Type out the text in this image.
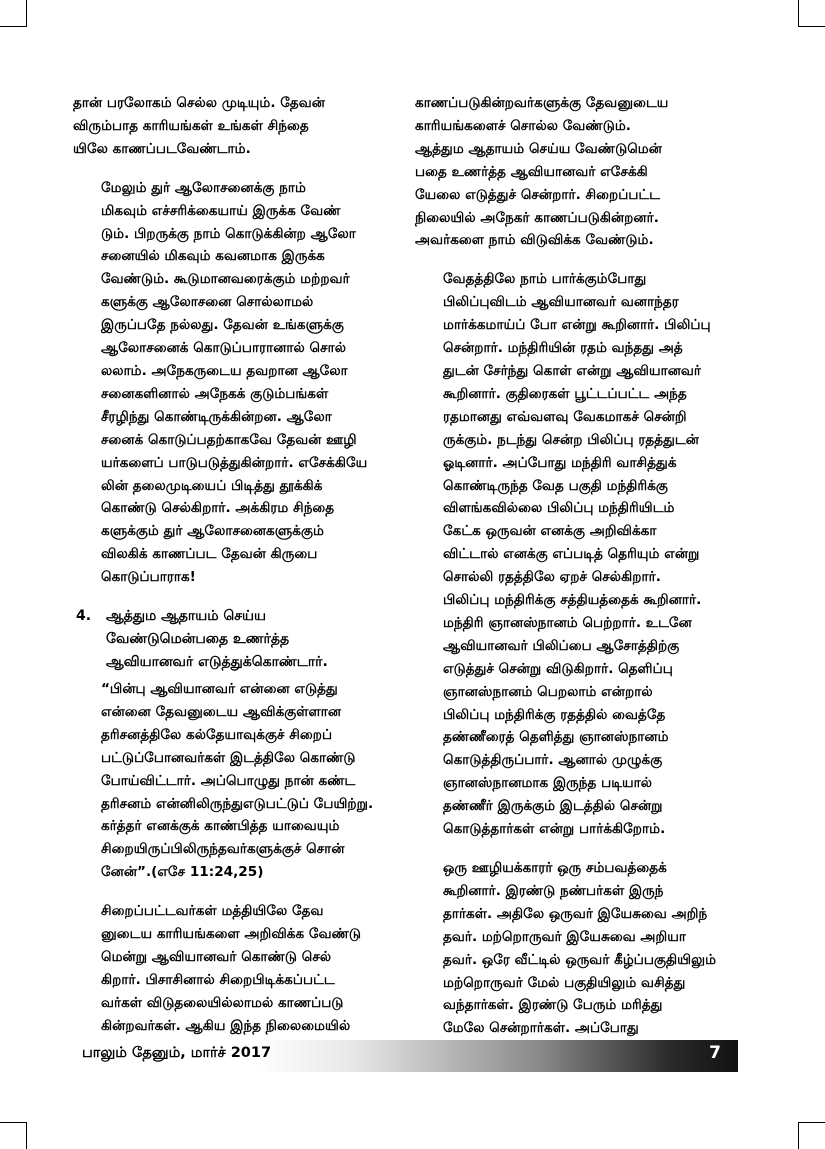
தான் பரலோகம் செல்ல முடியும். தேவன்
விரும்பாத காரியங்கள் உங்கள் சிந்தை
யிலே காணப்படவேண்டாம்.

மேலும் துர் ஆலோசனைக்கு நாம்
மிகவும் எச்சரிக்கையாய் இருக்க வேண்
டும். பிறருக்கு நாம் கொடுக்கின்ற ஆலோ
சனையில் மிகவும் கவனமாக இருக்க
வேண்டும். கூடுமானவரைக்கும் மற்றவர்
களுக்கு ஆலோசனை சொல்லாமல்
இருப்பதே நல்லது. தேவன் உங்களுக்கு
ஆலோசனைக் கொடுப்பாரானால் சொல்
லலாம். அநேகருடைய தவறான ஆலோ
சனைகளினால் அநேகக் குடும்பங்கள்
சீரழிந்து கொண்டிருக்கின்றன. ஆலோ
சனைக் கொடுப்பதற்காகவே தேவன் ஊழி
யர்களைப் பாடுபடுத்துகின்றார். எசேக்கியே
லின் தலைமுடியைப் பிடித்து தூக்கிக்
கொண்டு செல்கிறார். அக்கிரம சிந்தை
களுக்கும் துர் ஆலோசனைகளுக்கும்
விலகிக் காணப்பட தேவன் கிருபை
கொடுப்பாராக!

4.	ஆத்தும ஆதாயம் செய்ய
வேண்டுமென்பதை உணர்த்த
ஆவியானவர் எடுத்துக்கொண்டார்.

“பின்பு ஆவியானவர் என்னை எடுத்து
என்னை தேவனுடைய ஆவிக்குள்ளான
தரிசனத்திலே கல்தேயாவுக்குச் சிறைப்
பட்டுப்போனவர்கள் இடத்திலே கொண்டு
போய்விட்டார். அப்பொழுது நான் கண்ட
தரிசனம் என்னிலிருந்துஎடுபட்டுப் பேயிற்று.
கர்த்தர் எனக்குக் காண்பித்த யாவையும்
சிறையிருப்பிலிருந்தவர்களுக்குச் சொன்
னேன்”.(எசே 11:24,25)

சிறைப்பட்டவர்கள் மத்தியிலே தேவ
னுடைய காரியங்களை அறிவிக்க வேண்டு
மென்று ஆவியானவர் கொண்டு செல்
கிறார். பிசாசினால் சிறைபிடிக்கப்பட்ட
வர்கள் விடுதலையில்லாமல் காணப்படு
கின்றவர்கள். ஆகிய இந்த நிலைமையில்

காணப்படுகின்றவர்களுக்கு தேவனுடைய
காரியங்களைச் சொல்ல வேண்டும்.
ஆத்தும ஆதாயம் செய்ய வேண்டுமென்
பதை உணர்த்த ஆவியானவர் எசேக்கி
யேலை எடுத்துச் சென்றார். சிறைப்பட்ட
நிலையில் அநேகர் காணப்படுகின்றனர்.
அவர்களை நாம் விடுவிக்க வேண்டும்.

வேதத்திலே நாம் பார்க்கும்போது
பிலிப்புவிடம் ஆவியானவர் வனாந்தர
மார்க்கமாய்ப் போ என்று கூறினார். பிலிப்பு
சென்றார். மந்திரியின் ரதம் வந்தது அத்
துடன் சேர்ந்து கொள் என்று ஆவியானவர்
கூறினார். குதிரைகள் பூட்டப்பட்ட அந்த
ரதமானது எவ்வளவு வேகமாகச் சென்றி
ருக்கும். நடந்து சென்ற பிலிப்பு ரதத்துடன்
ஓடினார். அப்போது மந்திரி வாசித்துக்
கொண்டிருந்த வேத பகுதி மந்திரிக்கு
விளங்கவில்லை பிலிப்பு மந்திரியிடம்
கேட்க ஒருவன் எனக்கு அறிவிக்கா
விட்டால் எனக்கு எப்படித் தெரியும் என்று
சொல்லி ரதத்திலே ஏறச் செல்கிறார்.
பிலிப்பு மந்திரிக்கு சத்தியத்தைக் கூறினார்.
மந்திரி ஞானஸ்நானம் பெற்றார். உடனே
ஆவியானவர் பிலிப்பை ஆசோத்திற்கு
எடுத்துச் சென்று விடுகிறார். தெளிப்பு
ஞானஸ்நானம் பெறலாம் என்றால்
பிலிப்பு மந்திரிக்கு ரதத்தில் வைத்தே
தண்ணீரைத் தெளித்து ஞானஸ்நானம்
கொடுத்திருப்பார். ஆனால் முழுக்கு
ஞானஸ்நானமாக இருந்த படியால்
தண்ணீர் இருக்கும் இடத்தில் சென்று
கொடுத்தார்கள் என்று பார்க்கிறோம்.

ஒரு ஊழியக்காரர் ஒரு சம்பவத்தைக்
கூறினார். இரண்டு நண்பர்கள் இருந்
தார்கள். அதிலே ஒருவர் இயேசுவை அறிந்
தவர். மற்றொருவர் இயேசுவை அறியா
தவர். ஒரே வீட்டில் ஒருவர் கீழ்ப்பகுதியிலும்
மற்றொருவர் மேல் பகுதியிலும் வசித்து
வந்தார்கள். இரண்டு பேரும் மரித்து
மேலே சென்றார்கள். அப்போது

பாலும் தேனும், மார்ச் 2017	7
